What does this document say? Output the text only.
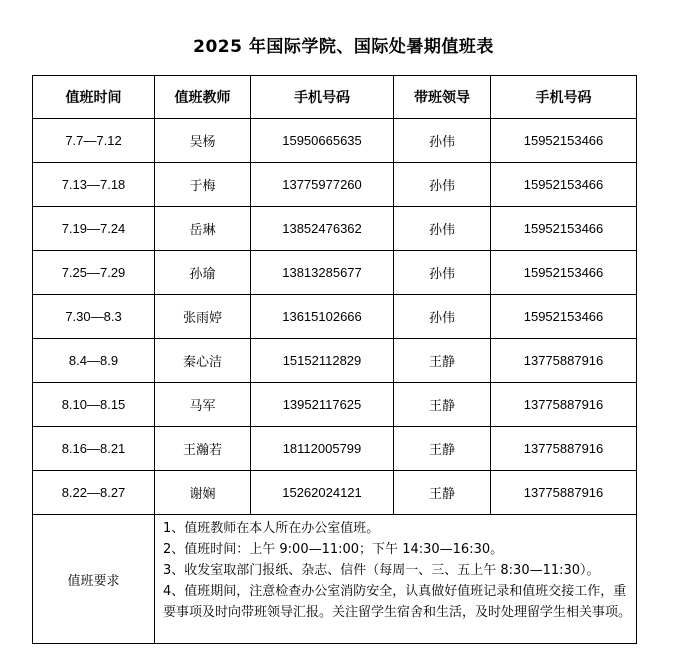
2025 年国际学院、国际处暑期值班表
值班时间	值班教师	手机号码	带班领导	手机号码
7.7—7.12	吴杨	15950665635	孙伟	15952153466
7.13—7.18	于梅	13775977260	孙伟	15952153466
7.19—7.24	岳琳	13852476362	孙伟	15952153466
7.25—7.29	孙瑜	13813285677	孙伟	15952153466
7.30—8.3	张雨婷	13615102666	孙伟	15952153466
8.4—8.9	秦心洁	15152112829	王静	13775887916
8.10—8.15	马军	13952117625	王静	13775887916
8.16—8.21	王瀚若	18112005799	王静	13775887916
8.22—8.27	谢娴	15262024121	王静	13775887916
值班要求	1、值班教师在本人所在办公室值班。
2、值班时间：上午 9:00—11:00；下午 14:30—16:30。
3、收发室取部门报纸、杂志、信件（每周一、三、五上午 8:30—11:30）。
4、值班期间，注意检查办公室消防安全，认真做好值班记录和值班交接工作，重要事项及时向带班领导汇报。关注留学生宿舍和生活，及时处理留学生相关事项。			
